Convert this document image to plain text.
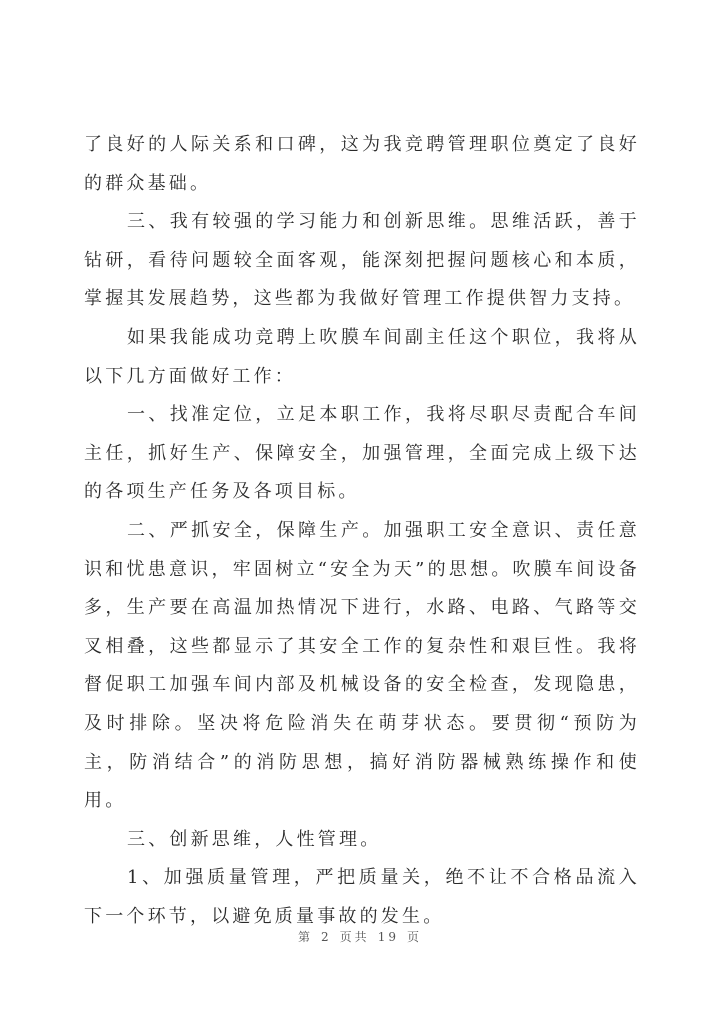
了良好的人际关系和口碑，这为我竞聘管理职位奠定了良好的群众基础。

三、我有较强的学习能力和创新思维。思维活跃，善于钻研，看待问题较全面客观，能深刻把握问题核心和本质，掌握其发展趋势，这些都为我做好管理工作提供智力支持。

如果我能成功竞聘上吹膜车间副主任这个职位，我将从以下几方面做好工作：

一、找准定位，立足本职工作，我将尽职尽责配合车间主任，抓好生产、保障安全，加强管理，全面完成上级下达的各项生产任务及各项目标。

二、严抓安全，保障生产。加强职工安全意识、责任意识和忧患意识，牢固树立“安全为天”的思想。吹膜车间设备多，生产要在高温加热情况下进行，水路、电路、气路等交叉相叠，这些都显示了其安全工作的复杂性和艰巨性。我将督促职工加强车间内部及机械设备的安全检查，发现隐患，及时排除。坚决将危险消失在萌芽状态。要贯彻“预防为主，防消结合”的消防思想，搞好消防器械熟练操作和使用。

三、创新思维，人性管理。

1、加强质量管理，严把质量关，绝不让不合格品流入下一个环节，以避免质量事故的发生。

第 2 页共 19 页
